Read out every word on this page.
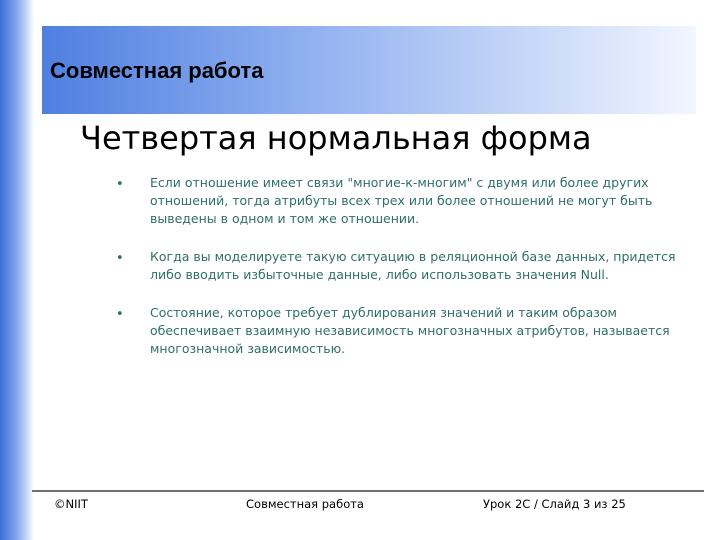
Совместная работа
Четвертая нормальная форма
• Если отношение имеет связи "многие-к-многим" с двумя или более других отношений, тогда атрибуты всех трех или более отношений не могут быть выведены в одном и том же отношении.
• Когда вы моделируете такую ситуацию в реляционной базе данных, придется либо вводить избыточные данные, либо использовать значения Null.
• Состояние, которое требует дублирования значений и таким образом обеспечивает взаимную независимость многозначных атрибутов, называется многозначной зависимостью.
©NIIT	Совместная работа	Урок 2С / Слайд 3 из 25
